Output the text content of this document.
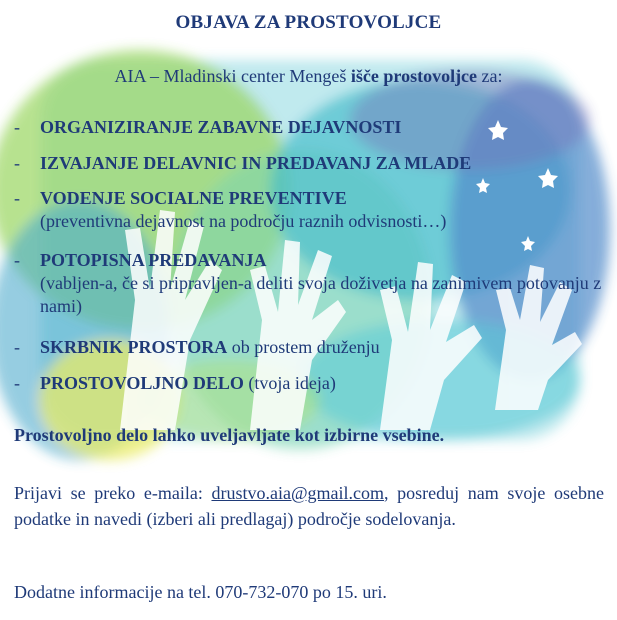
OBJAVA ZA PROSTOVOLJCE
AIA – Mladinski center Mengeš išče prostovoljce za:
- ORGANIZIRANJE ZABAVNE DEJAVNOSTI
- IZVAJANJE DELAVNIC IN PREDAVANJ ZA MLADE
- VODENJE SOCIALNE PREVENTIVE
(preventivna dejavnost na področju raznih odvisnosti…)
- POTOPISNA PREDAVANJA
(vabljen-a, če si pripravljen-a deliti svoja doživetja na zanimivem potovanju z nami)
- SKRBNIK PROSTORA ob prostem druženju
- PROSTOVOLJNO DELO (tvoja ideja)
Prostovoljno delo lahko uveljavljate kot izbirne vsebine.
Prijavi se preko e-maila: drustvo.aia@gmail.com, posreduj nam svoje osebne podatke in navedi (izberi ali predlagaj) področje sodelovanja.
Dodatne informacije na tel. 070-732-070 po 15. uri.
